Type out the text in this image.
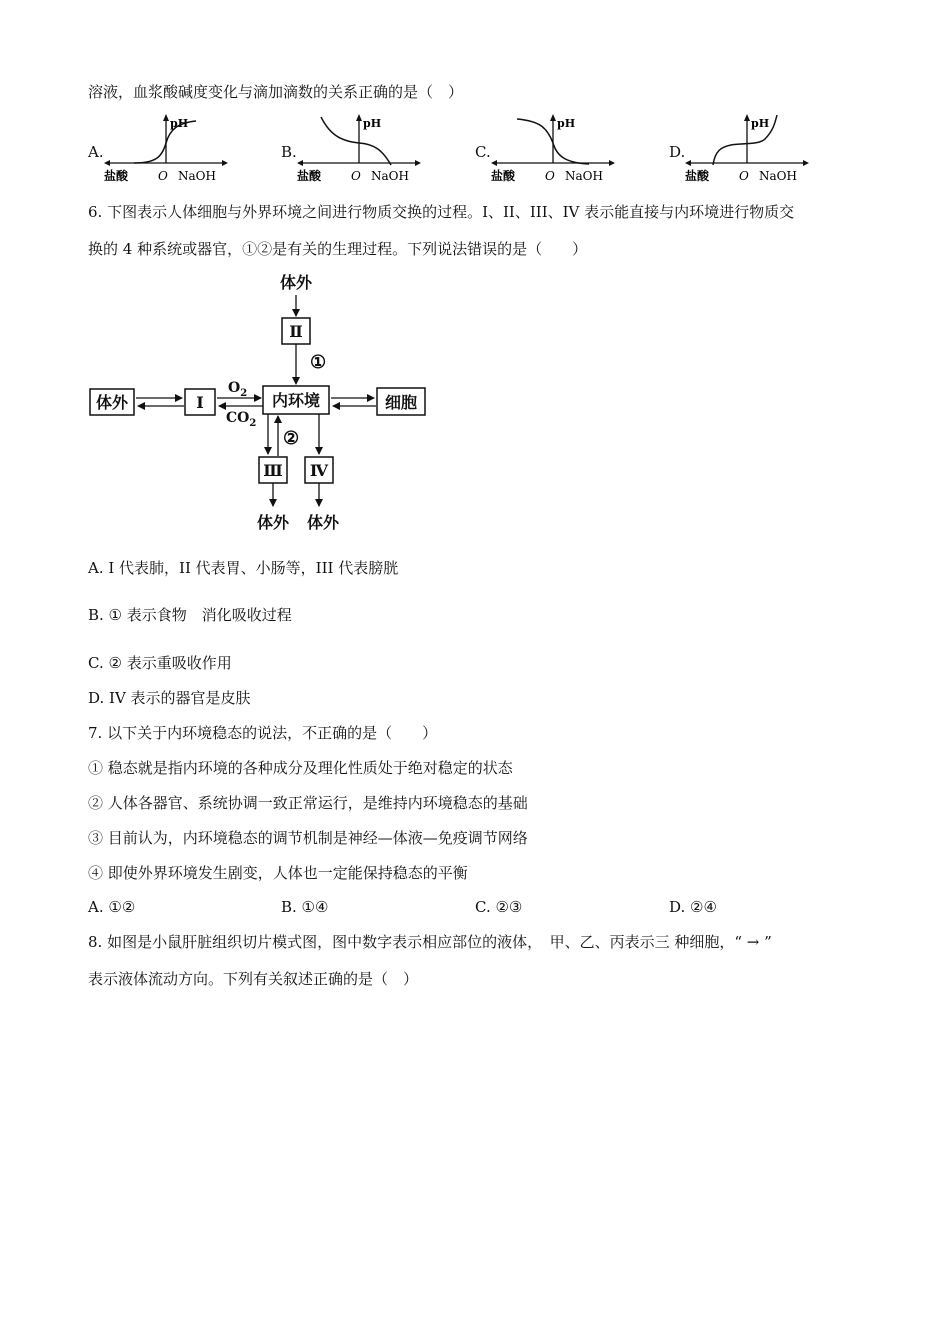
溶液，血浆酸碱度变化与滴加滴数的关系正确的是（　）
A.
pH
盐酸 O NaOH
B.
pH
盐酸 O NaOH
C.
pH
盐酸 O NaOH
D.
pH
盐酸 O NaOH
6. 下图表示人体细胞与外界环境之间进行物质交换的过程。I、II、III、IV 表示能直接与内环境进行物质交
换的 4 种系统或器官，①②是有关的生理过程。下列说法错误的是（　　）
体外
Ⅱ
①
体外	Ⅰ
$O_2$
$CO_2$
内环境	细胞
②
Ⅲ Ⅳ
体外 体外
A. I 代表肺，II 代表胃、小肠等，III 代表膀胱
B. ① 表示食物　消化吸收过程
C. ② 表示重吸收作用
D. IV 表示的器官是皮肤
7. 以下关于内环境稳态的说法，不正确的是（　　）
① 稳态就是指内环境的各种成分及理化性质处于绝对稳定的状态
② 人体各器官、系统协调一致正常运行，是维持内环境稳态的基础
③ 目前认为，内环境稳态的调节机制是神经—体液—免疫调节网络
④ 即使外界环境发生剧变，人体也一定能保持稳态的平衡
A. ①②	B. ①④	C. ②③	D. ②④
8. 如图是小鼠肝脏组织切片模式图，图中数字表示相应部位的液体，　甲、乙、丙表示三 种细胞，“ → ”
表示液体流动方向。下列有关叙述正确的是（　）
